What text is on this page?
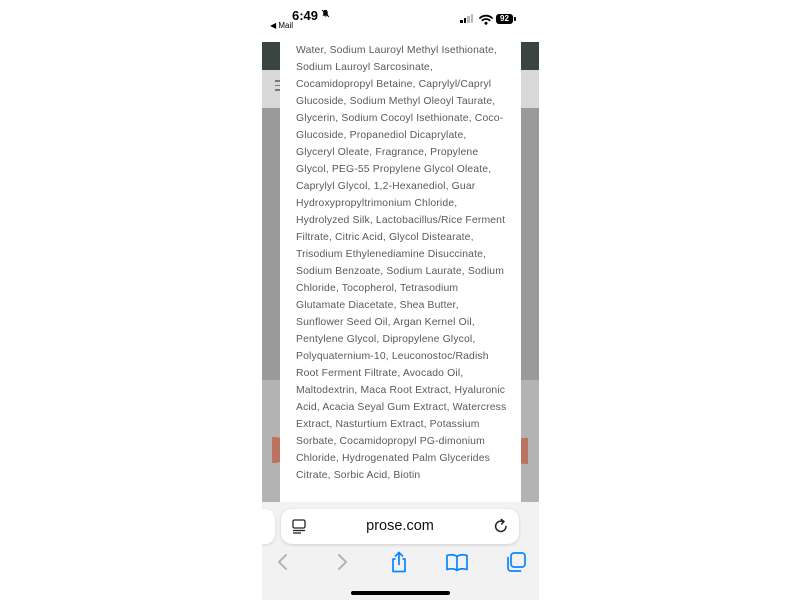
6:49
◀ Mail
92

Water, Sodium Lauroyl Methyl Isethionate, Sodium Lauroyl Sarcosinate, Cocamidopropyl Betaine, Caprylyl/Capryl Glucoside, Sodium Methyl Oleoyl Taurate, Glycerin, Sodium Cocoyl Isethionate, Coco-Glucoside, Propanediol Dicaprylate, Glyceryl Oleate, Fragrance, Propylene Glycol, PEG-55 Propylene Glycol Oleate, Caprylyl Glycol, 1,2-Hexanediol, Guar Hydroxypropyltrimonium Chloride, Hydrolyzed Silk, Lactobacillus/Rice Ferment Filtrate, Citric Acid, Glycol Distearate, Trisodium Ethylenediamine Disuccinate, Sodium Benzoate, Sodium Laurate, Sodium Chloride, Tocopherol, Tetrasodium Glutamate Diacetate, Shea Butter, Sunflower Seed Oil, Argan Kernel Oil, Pentylene Glycol, Dipropylene Glycol, Polyquaternium-10, Leuconostoc/Radish Root Ferment Filtrate, Avocado Oil, Maltodextrin, Maca Root Extract, Hyaluronic Acid, Acacia Seyal Gum Extract, Watercress Extract, Nasturtium Extract, Potassium Sorbate, Cocamidopropyl PG-dimonium Chloride, Hydrogenated Palm Glycerides Citrate, Sorbic Acid, Biotin

prose.com
